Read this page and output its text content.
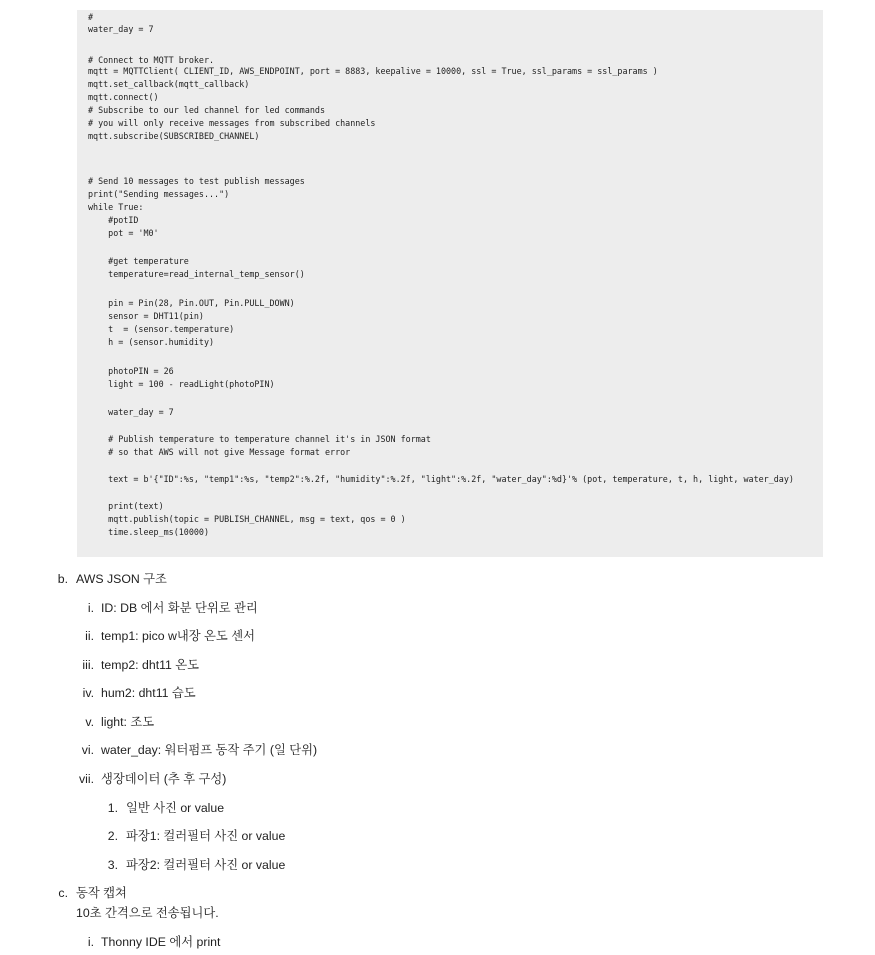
#
water_day = 7
# Connect to MQTT broker.
mqtt = MQTTClient( CLIENT_ID, AWS_ENDPOINT, port = 8883, keepalive = 10000, ssl = True, ssl_params = ssl_params )
mqtt.set_callback(mqtt_callback)
mqtt.connect()
# Subscribe to our led channel for led commands
# you will only receive messages from subscribed channels
mqtt.subscribe(SUBSCRIBED_CHANNEL)
# Send 10 messages to test publish messages
print("Sending messages...")
while True:
#potID
pot = 'M0'
#get temperature
temperature=read_internal_temp_sensor()
pin = Pin(28, Pin.OUT, Pin.PULL_DOWN)
sensor = DHT11(pin)
t  = (sensor.temperature)
h = (sensor.humidity)
photoPIN = 26
light = 100 - readLight(photoPIN)
water_day = 7
# Publish temperature to temperature channel it's in JSON format
# so that AWS will not give Message format error
text = b'{"ID":%s, "temp1":%s, "temp2":%.2f, "humidity":%.2f, "light":%.2f, "water_day":%d}'% (pot, temperature, t, h, light, water_day)
print(text)
mqtt.publish(topic = PUBLISH_CHANNEL, msg = text, qos = 0 )
time.sleep_ms(10000)
b. AWS JSON 구조
i. ID: DB 에서 화분 단위로 관리
ii. temp1: pico w내장 온도 센서
iii. temp2: dht11 온도
iv. hum2: dht11 습도
v. light: 조도
vi. water_day: 워터펌프 동작 주기 (일 단위)
vii. 생장데이터 (추 후 구성)
1. 일반 사진 or value
2. 파장1: 컬러필터 사진 or value
3. 파장2: 컬러필터 사진 or value
c. 동작 캡쳐
10초 간격으로 전송됩니다.
i. Thonny IDE 에서 print
